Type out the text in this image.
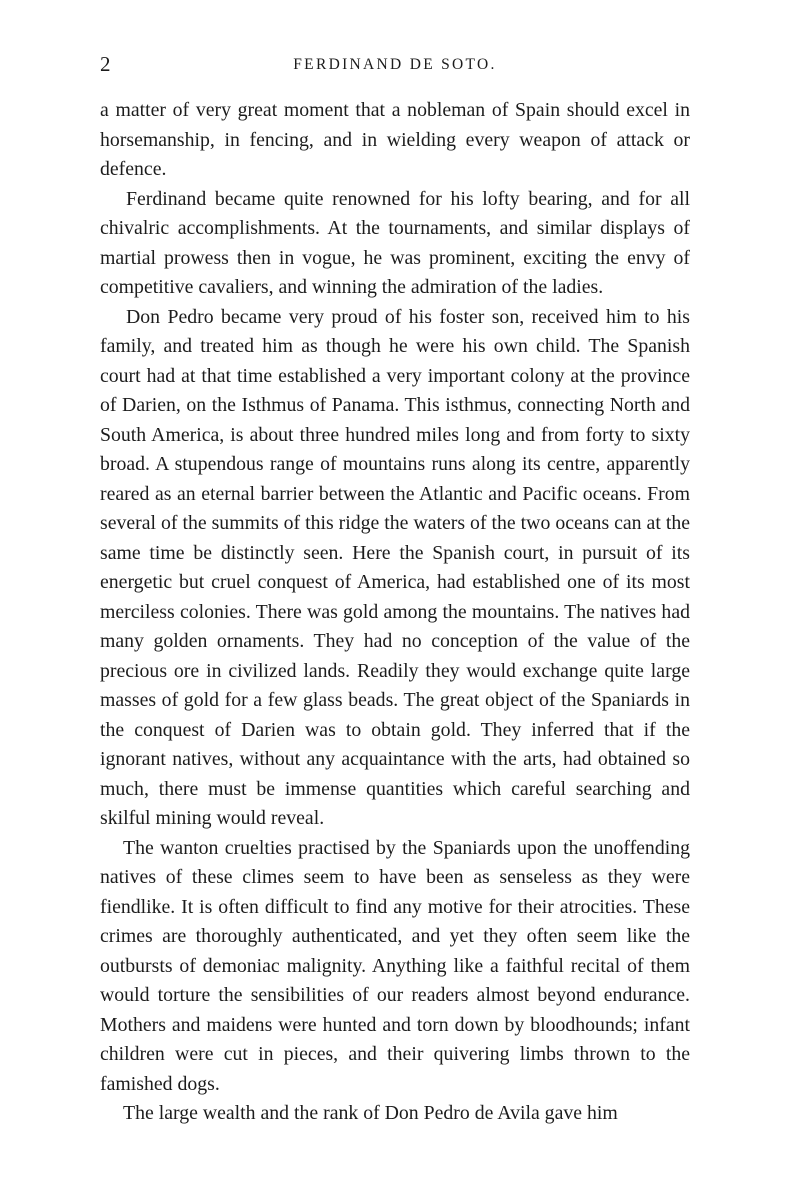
2	FERDINAND DE SOTO.

a matter of very great moment that a nobleman of Spain should excel in horsemanship, in fencing, and in wielding every weapon of attack or defence.

Ferdinand became quite renowned for his lofty bearing, and for all chivalric accomplishments. At the tournaments, and similar displays of martial prowess then in vogue, he was prominent, exciting the envy of competitive cavaliers, and winning the admiration of the ladies.

Don Pedro became very proud of his foster son, received him to his family, and treated him as though he were his own child. The Spanish court had at that time established a very important colony at the province of Darien, on the Isthmus of Panama. This isthmus, connecting North and South America, is about three hundred miles long and from forty to sixty broad. A stupendous range of mountains runs along its centre, apparently reared as an eternal barrier between the Atlantic and Pacific oceans. From several of the summits of this ridge the waters of the two oceans can at the same time be distinctly seen. Here the Spanish court, in pursuit of its energetic but cruel conquest of America, had established one of its most merciless colonies. There was gold among the mountains. The natives had many golden ornaments. They had no conception of the value of the precious ore in civilized lands. Readily they would exchange quite large masses of gold for a few glass beads. The great object of the Spaniards in the conquest of Darien was to obtain gold. They inferred that if the ignorant natives, without any acquaintance with the arts, had obtained so much, there must be immense quantities which careful searching and skilful mining would reveal.

The wanton cruelties practised by the Spaniards upon the unoffending natives of these climes seem to have been as senseless as they were fiendlike. It is often difficult to find any motive for their atrocities. These crimes are thoroughly authenticated, and yet they often seem like the outbursts of demoniac malignity. Anything like a faithful recital of them would torture the sensibilities of our readers almost beyond endurance. Mothers and maidens were hunted and torn down by bloodhounds; infant children were cut in pieces, and their quivering limbs thrown to the famished dogs.

The large wealth and the rank of Don Pedro de Avila gave him
